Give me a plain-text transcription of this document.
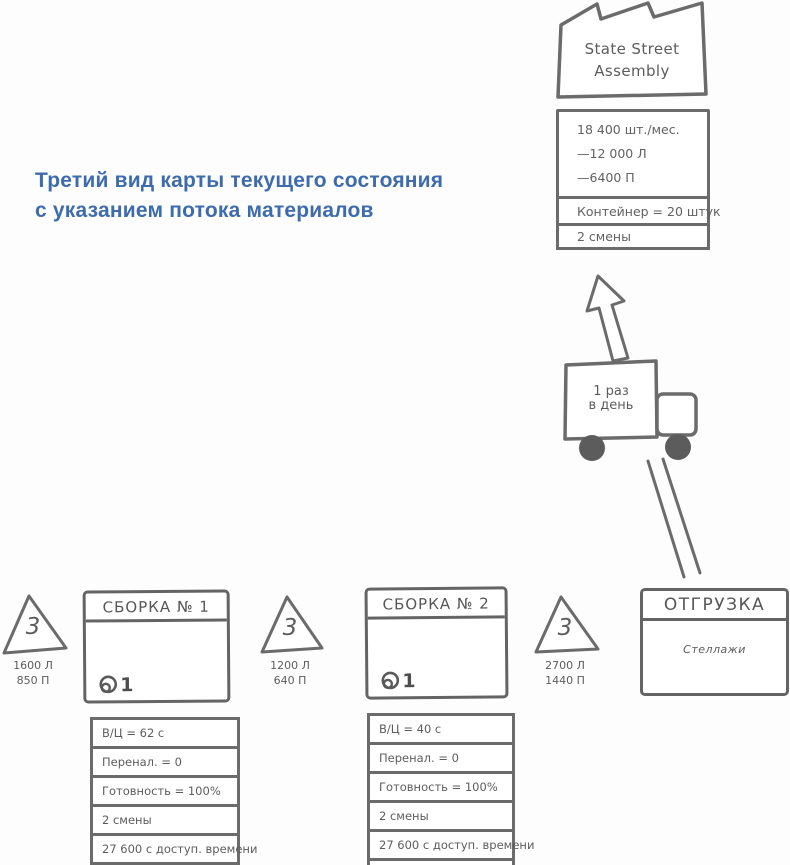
Третий вид карты текущего состояния
с указанием потока материалов
State Street
Assembly
18 400 шт./мес.
—12 000 Л
—6400 П
Контейнер = 20 штук
2 смены
1 раз
в день
3	3	3
1600 Л
850 П
1200 Л
640 П
2700 Л
1440 П
СБОРКА № 1
1
СБОРКА № 2
1
ОТГРУЗКА
Стеллажи
В/Ц = 62 с
Перенал. = 0
Готовность = 100%
2 смены
27 600 с доступ. времени
В/Ц = 40 с
Перенал. = 0
Готовность = 100%
2 смены
27 600 с доступ. времени
